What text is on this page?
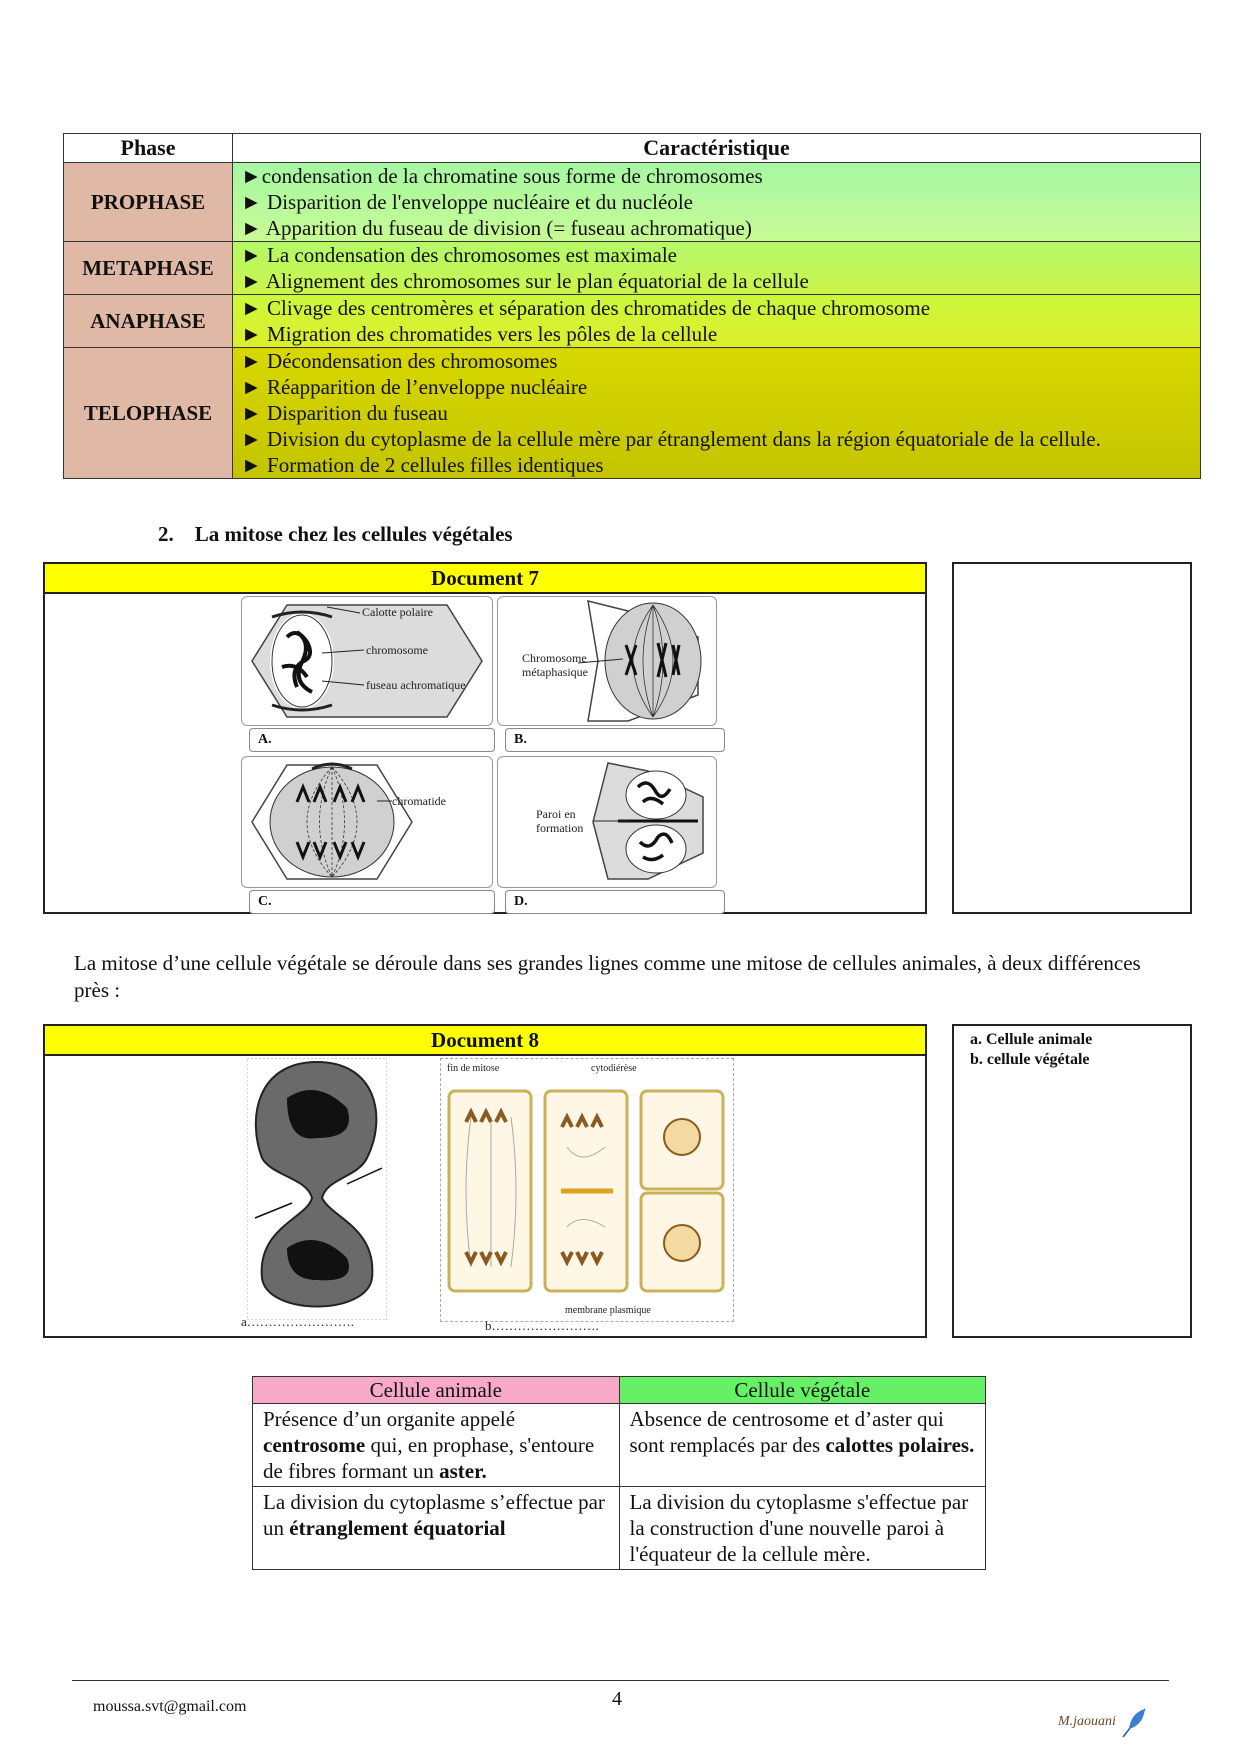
Phase	Caractéristique
PROPHASE	►condensation de la chromatine sous forme de chromosomes
► Disparition de l'enveloppe nucléaire et du nucléole
► Apparition du fuseau de division (= fuseau achromatique)

METAPHASE	► La condensation des chromosomes est maximale
► Alignement des chromosomes sur le plan équatorial de la cellule

ANAPHASE	► Clivage des centromères et séparation des chromatides de chaque chromosome
► Migration des chromatides vers les pôles de la cellule

TELOPHASE	► Décondensation des chromosomes
► Réapparition de l’enveloppe nucléaire
► Disparition du fuseau
► Division du cytoplasme de la cellule mère par étranglement dans la région équatoriale de la cellule.
► Formation de 2 cellules filles identiques
2. La mitose chez les cellules végétales
Document 7
Calotte polaire
chromosome
fuseau achromatique
A.
Chromosome
métaphasique
B.
chromatide
C.
Paroi en
formation
D.
La mitose d’une cellule végétale se déroule dans ses grandes lignes comme une mitose de cellules animales, à deux différences près :
Document 8
a…………………….
fin de mitose	cytodiérèse
membrane plasmique
b…………………….
a. Cellule animale
b. cellule végétale
Cellule animale	Cellule végétale
Présence d’un organite appelé centrosome qui, en prophase, s'entoure de fibres formant un aster.	Absence de centrosome et d’aster qui sont remplacés par des calottes polaires.
La division du cytoplasme s’effectue par un étranglement équatorial	La division du cytoplasme s'effectue par la construction d'une nouvelle paroi à l'équateur de la cellule mère.
moussa.svt@gmail.com	4
M.jaouani
